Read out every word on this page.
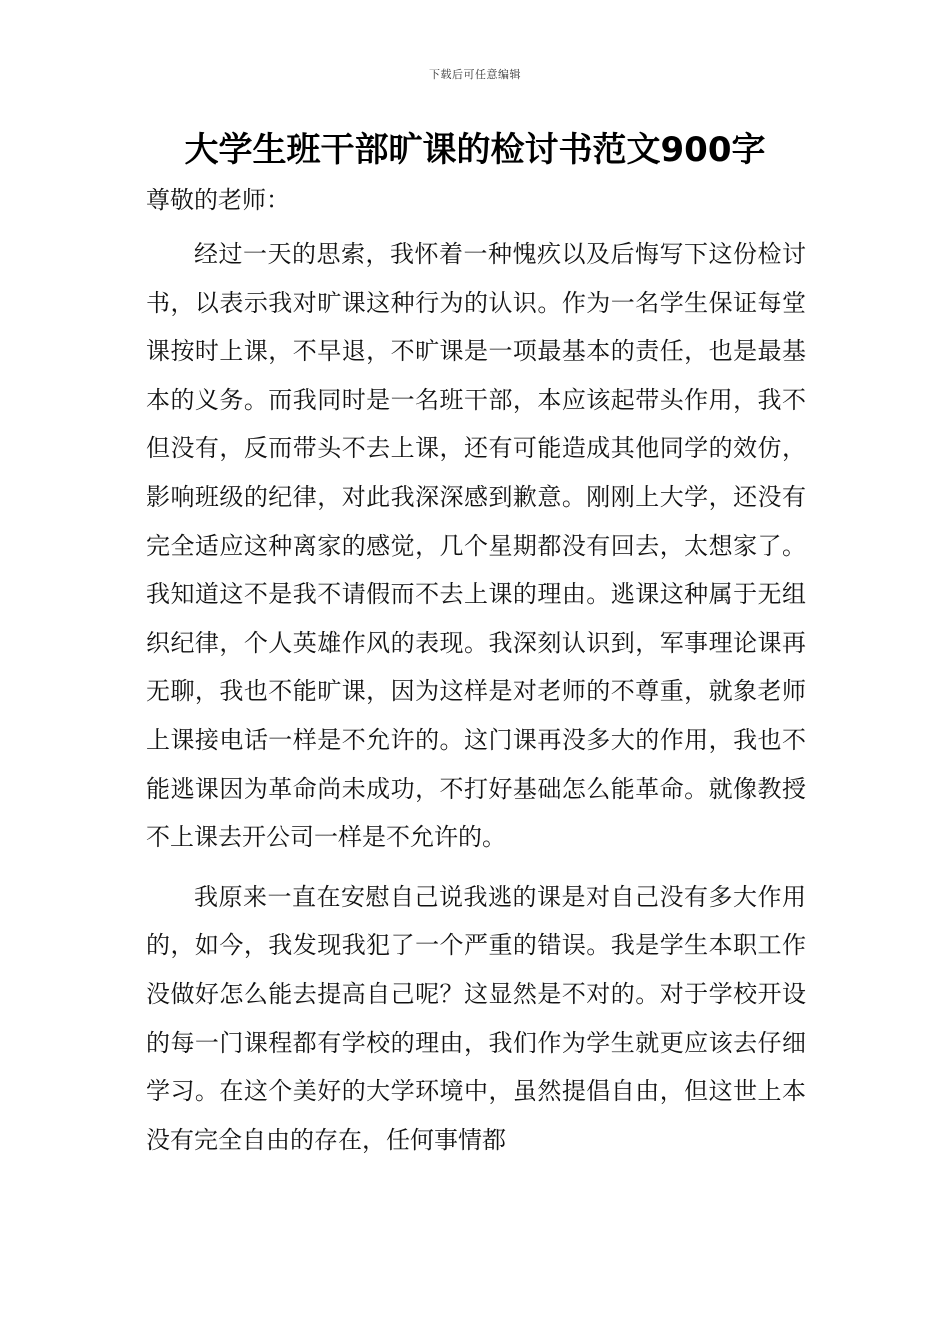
下载后可任意编辑
大学生班干部旷课的检讨书范文900字
尊敬的老师：

经过一天的思索，我怀着一种愧疚以及后悔写下这份检讨书，以表示我对旷课这种行为的认识。作为一名学生保证每堂课按时上课，不早退，不旷课是一项最基本的责任，也是最基本的义务。而我同时是一名班干部，本应该起带头作用，我不但没有，反而带头不去上课，还有可能造成其他同学的效仿，影响班级的纪律，对此我深深感到歉意。刚刚上大学，还没有完全适应这种离家的感觉，几个星期都没有回去，太想家了。我知道这不是我不请假而不去上课的理由。逃课这种属于无组织纪律，个人英雄作风的表现。我深刻认识到，军事理论课再无聊，我也不能旷课，因为这样是对老师的不尊重，就象老师上课接电话一样是不允许的。这门课再没多大的作用，我也不能逃课因为革命尚未成功，不打好基础怎么能革命。就像教授不上课去开公司一样是不允许的。

我原来一直在安慰自己说我逃的课是对自己没有多大作用的，如今，我发现我犯了一个严重的错误。我是学生本职工作没做好怎么能去提高自己呢？这显然是不对的。对于学校开设的每一门课程都有学校的理由，我们作为学生就更应该去仔细学习。在这个美好的大学环境中，虽然提倡自由，但这世上本没有完全自由的存在，任何事情都
